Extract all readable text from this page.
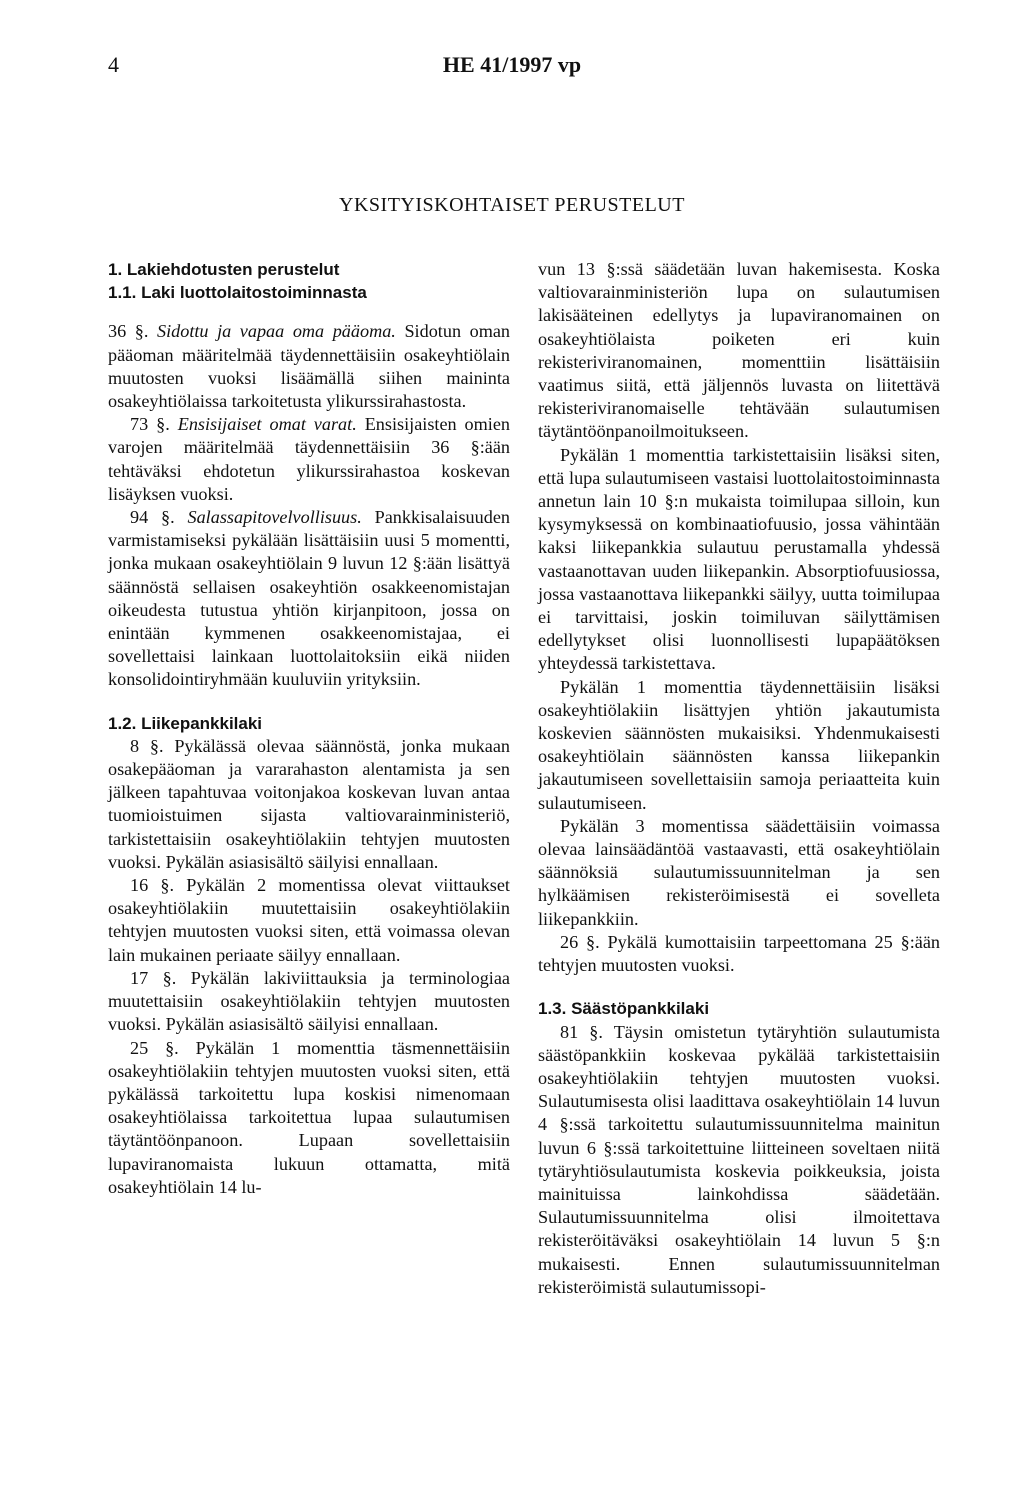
4	HE 41/1997 vp
YKSITYISKOHTAISET PERUSTELUT

1. Lakiehdotusten perustelut

1.1. Laki luottolaitostoiminnasta

36 §. Sidottu ja vapaa oma pääoma. Sidotun oman pääoman määritelmää täydennettäisiin osakeyhtiölain muutosten vuoksi lisäämällä siihen maininta osakeyhtiölaissa tarkoitetusta ylikurssirahastosta.

73 §. Ensisijaiset omat varat. Ensisijaisten omien varojen määritelmää täydennettäisiin 36 §:ään tehtäväksi ehdotetun ylikurssirahastoa koskevan lisäyksen vuoksi.

94 §. Salassapitovelvollisuus. Pankkisalaisuuden varmistamiseksi pykälään lisättäisiin uusi 5 momentti, jonka mukaan osakeyhtiölain 9 luvun 12 §:ään lisättyä säännöstä sellaisen osakeyhtiön osakkeenomistajan oikeudesta tutustua yhtiön kirjanpitoon, jossa on enintään kymmenen osakkeenomistajaa, ei sovellettaisi lainkaan luottolaitoksiin eikä niiden konsolidointiryhmään kuuluviin yrityksiin.

1.2. Liikepankkilaki

8 §. Pykälässä olevaa säännöstä, jonka mukaan osakepääoman ja vararahaston alentamista ja sen jälkeen tapahtuvaa voitonjakoa koskevan luvan antaa tuomioistuimen sijasta valtiovarainministeriö, tarkistettaisiin osakeyhtiölakiin tehtyjen muutosten vuoksi. Pykälän asiasisältö säilyisi ennallaan.

16 §. Pykälän 2 momentissa olevat viittaukset osakeyhtiölakiin muutettaisiin osakeyhtiölakiin tehtyjen muutosten vuoksi siten, että voimassa olevan lain mukainen periaate säilyy ennallaan.

17 §. Pykälän lakiviittauksia ja terminologiaa muutettaisiin osakeyhtiölakiin tehtyjen muutosten vuoksi. Pykälän asiasisältö säilyisi ennallaan.

25 §. Pykälän 1 momenttia täsmennettäisiin osakeyhtiölakiin tehtyjen muutosten vuoksi siten, että pykälässä tarkoitettu lupa koskisi nimenomaan osakeyhtiölaissa tarkoitettua lupaa sulautumisen täytäntöönpanoon. Lupaan sovellettaisiin lupaviranomaista lukuun ottamatta, mitä osakeyhtiölain 14 lu-

vun 13 §:ssä säädetään luvan hakemisesta. Koska valtiovarainministeriön lupa on sulautumisen lakisääteinen edellytys ja lupaviranomainen on osakeyhtiölaista poiketen eri kuin rekisteriviranomainen, momenttiin lisättäisiin vaatimus siitä, että jäljennös luvasta on liitettävä rekisteriviranomaiselle tehtävään sulautumisen täytäntöönpanoilmoitukseen.

Pykälän 1 momenttia tarkistettaisiin lisäksi siten, että lupa sulautumiseen vastaisi luottolaitostoiminnasta annetun lain 10 §:n mukaista toimilupaa silloin, kun kysymyksessä on kombinaatiofuusio, jossa vähintään kaksi liikepankkia sulautuu perustamalla yhdessä vastaanottavan uuden liikepankin. Absorptiofuusiossa, jossa vastaanottava liikepankki säilyy, uutta toimilupaa ei tarvittaisi, joskin toimiluvan säilyttämisen edellytykset olisi luonnollisesti lupapäätöksen yhteydessä tarkistettava.

Pykälän 1 momenttia täydennettäisiin lisäksi osakeyhtiölakiin lisättyjen yhtiön jakautumista koskevien säännösten mukaisiksi. Yhdenmukaisesti osakeyhtiölain säännösten kanssa liikepankin jakautumiseen sovellettaisiin samoja periaatteita kuin sulautumiseen.

Pykälän 3 momentissa säädettäisiin voimassa olevaa lainsäädäntöä vastaavasti, että osakeyhtiölain säännöksiä sulautumissuunnitelman ja sen hylkäämisen rekisteröimisestä ei sovelleta liikepankkiin.

26 §. Pykälä kumottaisiin tarpeettomana 25 §:ään tehtyjen muutosten vuoksi.

1.3. Säästöpankkilaki

81 §. Täysin omistetun tytäryhtiön sulautumista säästöpankkiin koskevaa pykälää tarkistettaisiin osakeyhtiölakiin tehtyjen muutosten vuoksi. Sulautumisesta olisi laadittava osakeyhtiölain 14 luvun 4 §:ssä tarkoitettu sulautumissuunnitelma mainitun luvun 6 §:ssä tarkoitettuine liitteineen soveltaen niitä tytäryhtiösulautumista koskevia poikkeuksia, joista mainituissa lainkohdissa säädetään. Sulautumissuunnitelma olisi ilmoitettava rekisteröitäväksi osakeyhtiölain 14 luvun 5 §:n mukaisesti. Ennen sulautumissuunnitelman rekisteröimistä sulautumissopi-
